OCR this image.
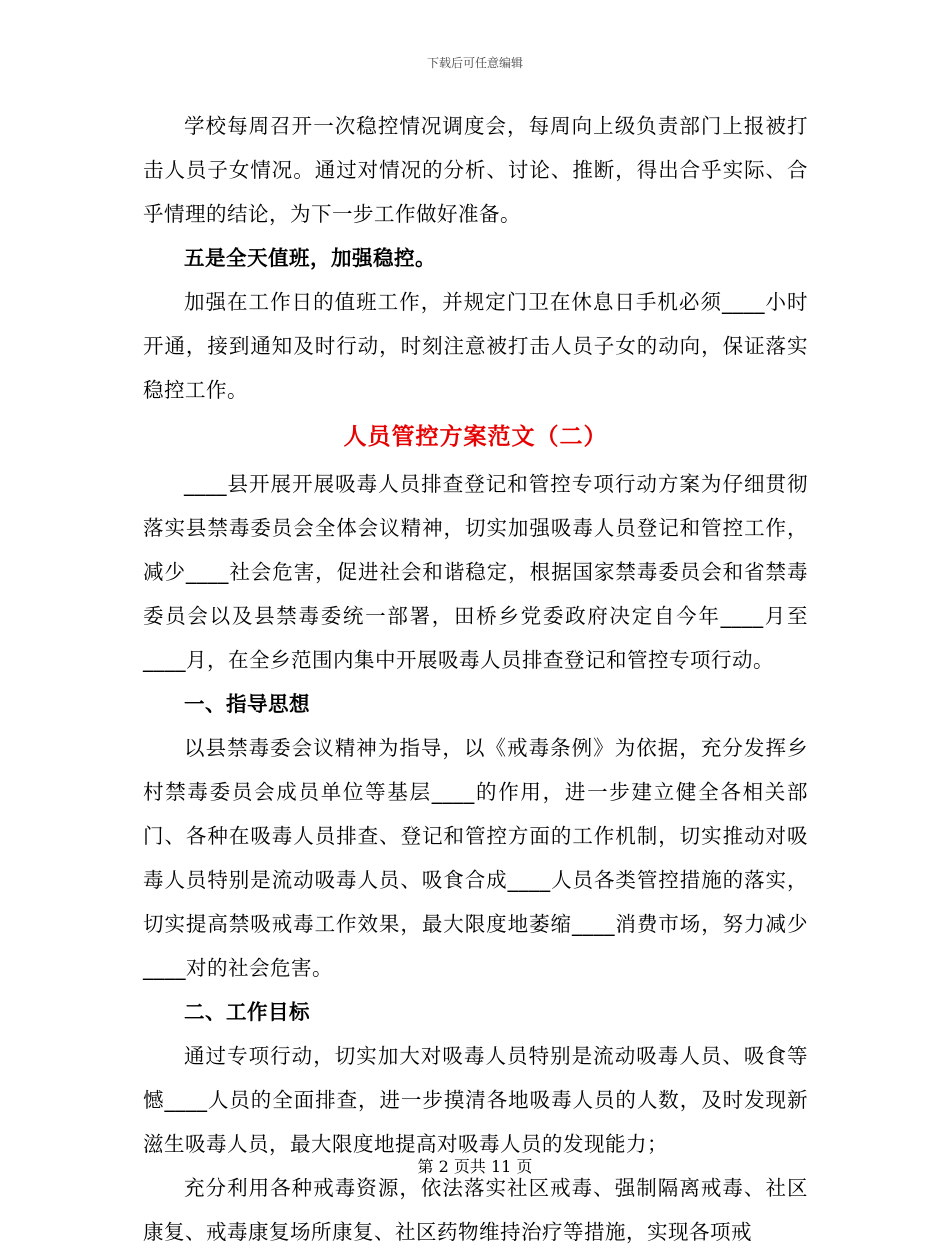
下载后可任意编辑

学校每周召开一次稳控情况调度会，每周向上级负责部门上报被打击人员子女情况。通过对情况的分析、讨论、推断，得出合乎实际、合乎情理的结论，为下一步工作做好准备。

五是全天值班，加强稳控。

加强在工作日的值班工作，并规定门卫在休息日手机必须____小时开通，接到通知及时行动，时刻注意被打击人员子女的动向，保证落实稳控工作。

人员管控方案范文（二）

____县开展开展吸毒人员排查登记和管控专项行动方案为仔细贯彻落实县禁毒委员会全体会议精神，切实加强吸毒人员登记和管控工作，减少____社会危害，促进社会和谐稳定，根据国家禁毒委员会和省禁毒委员会以及县禁毒委统一部署，田桥乡党委政府决定自今年____月至____月，在全乡范围内集中开展吸毒人员排查登记和管控专项行动。

一、指导思想

以县禁毒委会议精神为指导，以《戒毒条例》为依据，充分发挥乡村禁毒委员会成员单位等基层____的作用，进一步建立健全各相关部门、各种在吸毒人员排查、登记和管控方面的工作机制，切实推动对吸毒人员特别是流动吸毒人员、吸食合成____人员各类管控措施的落实，切实提高禁吸戒毒工作效果，最大限度地萎缩____消费市场，努力减少____对的社会危害。

二、工作目标

通过专项行动，切实加大对吸毒人员特别是流动吸毒人员、吸食等憾____人员的全面排查，进一步摸清各地吸毒人员的人数，及时发现新滋生吸毒人员，最大限度地提高对吸毒人员的发现能力；

充分利用各种戒毒资源，依法落实社区戒毒、强制隔离戒毒、社区康复、戒毒康复场所康复、社区药物维持治疗等措施，实现各项戒

第 2 页共 11 页
